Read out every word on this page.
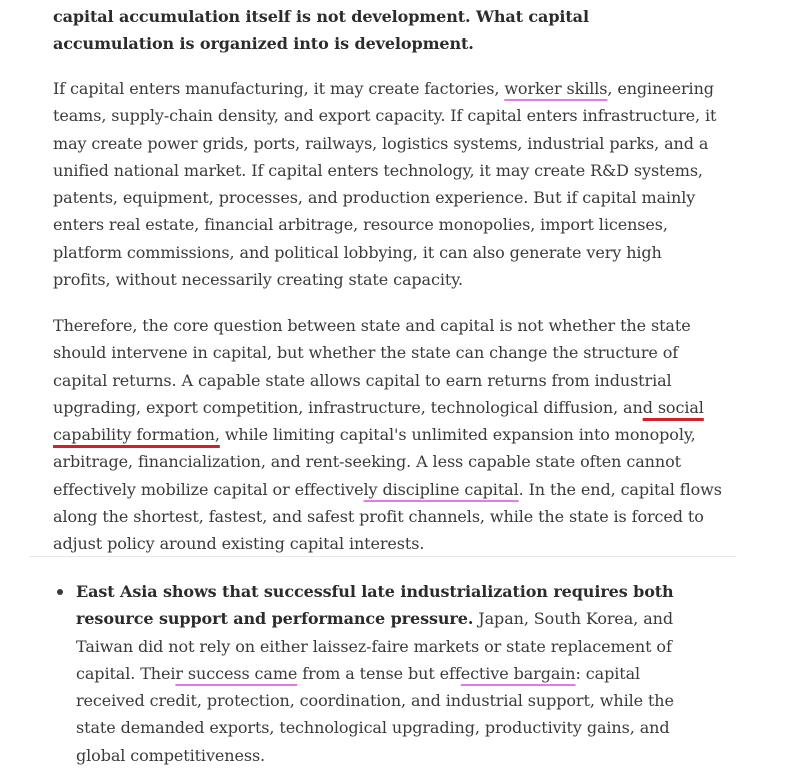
capital accumulation itself is not development. What capital accumulation is organized into is development.

If capital enters manufacturing, it may create factories, worker skills, engineering teams, supply-chain density, and export capacity. If capital enters infrastructure, it may create power grids, ports, railways, logistics systems, industrial parks, and a unified national market. If capital enters technology, it may create R&D systems, patents, equipment, processes, and production experience. But if capital mainly enters real estate, financial arbitrage, resource monopolies, import licenses, platform commissions, and political lobbying, it can also generate very high profits, without necessarily creating state capacity.

Therefore, the core question between state and capital is not whether the state should intervene in capital, but whether the state can change the structure of capital returns. A capable state allows capital to earn returns from industrial upgrading, export competition, infrastructure, technological diffusion, and social capability formation, while limiting capital's unlimited expansion into monopoly, arbitrage, financialization, and rent-seeking. A less capable state often cannot effectively mobilize capital or effectively discipline capital. In the end, capital flows along the shortest, fastest, and safest profit channels, while the state is forced to adjust policy around existing capital interests.

East Asia shows that successful late industrialization requires both resource support and performance pressure. Japan, South Korea, and Taiwan did not rely on either laissez-faire markets or state replacement of capital. Their success came from a tense but effective bargain: capital received credit, protection, coordination, and industrial support, while the state demanded exports, technological upgrading, productivity gains, and global competitiveness.
